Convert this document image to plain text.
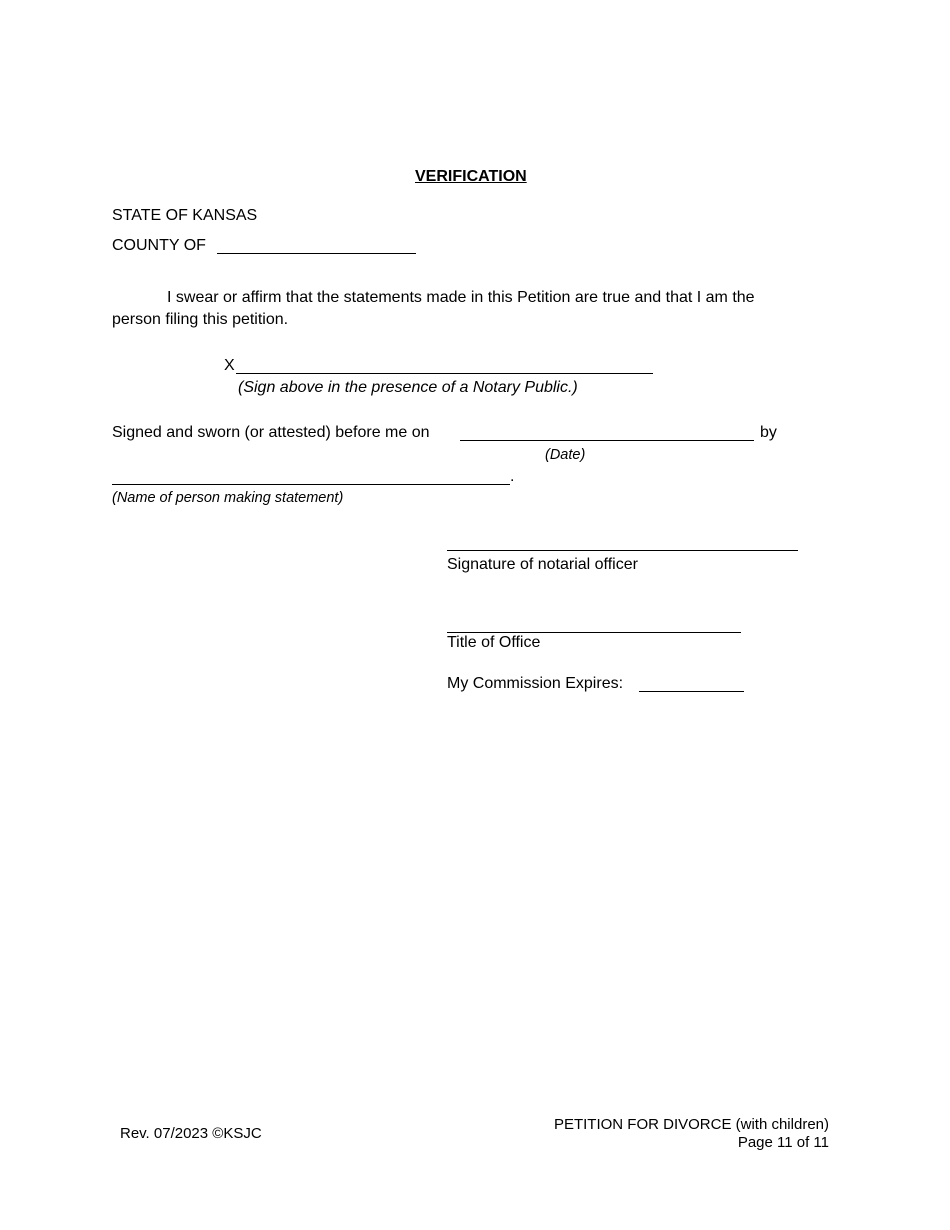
VERIFICATION
STATE OF KANSAS
COUNTY OF
I swear or affirm that the statements made in this Petition are true and that I am the
person filing this petition.
X
(Sign above in the presence of a Notary Public.)
Signed and sworn (or attested) before me on	by
(Date)
.
(Name of person making statement)
Signature of notarial officer
Title of Office
My Commission Expires:
Rev. 07/2023 ©KSJC
PETITION FOR DIVORCE (with children)
Page 11 of 11
